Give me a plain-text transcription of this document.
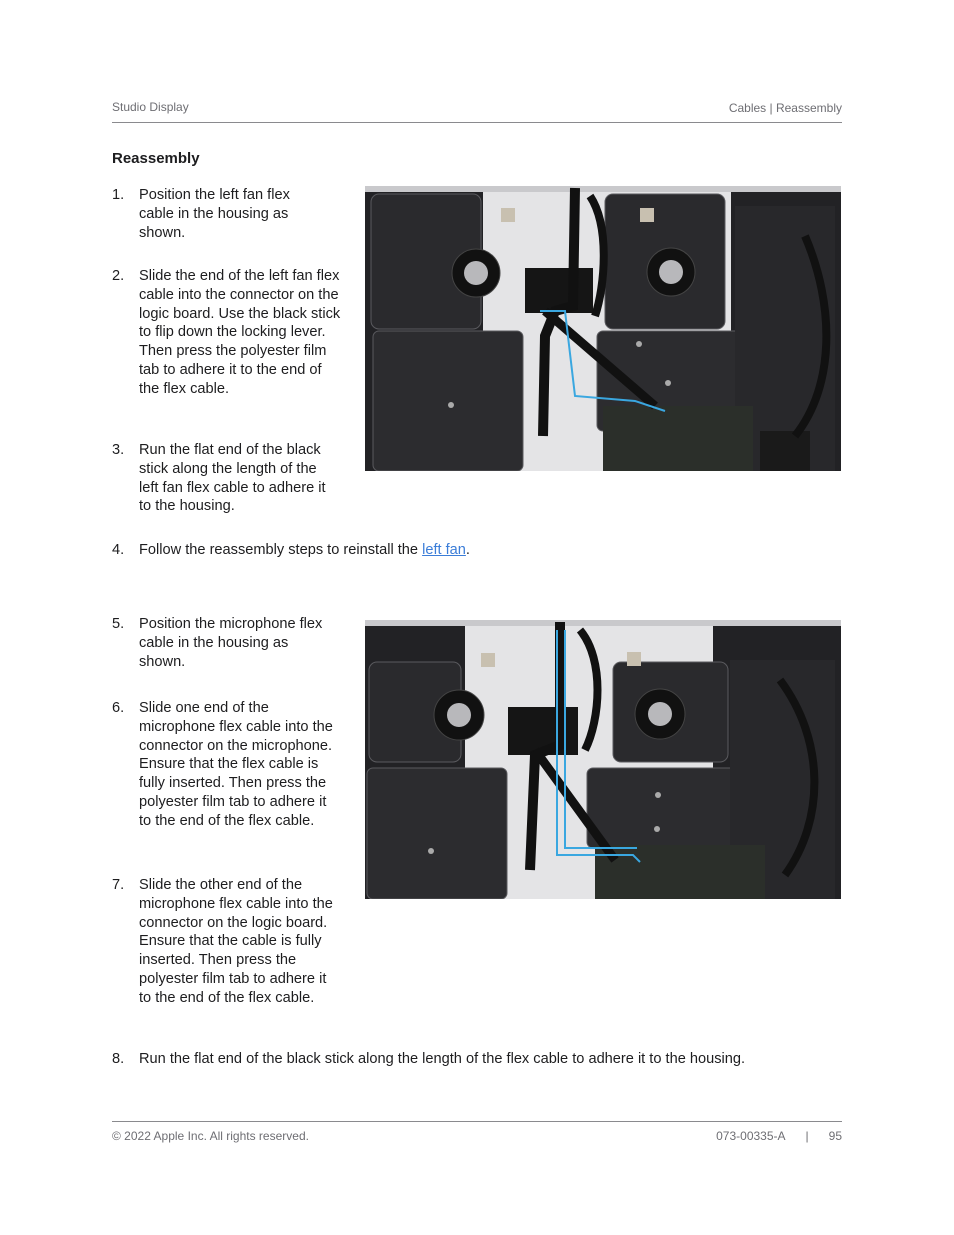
Studio Display	Cables | Reassembly
Reassembly
1. Position the left fan flex cable in the housing as shown.
2. Slide the end of the left fan flex cable into the connector on the logic board. Use the black stick to flip down the locking lever. Then press the polyester film tab to adhere it to the end of the flex cable.
3. Run the flat end of the black stick along the length of the left fan flex cable to adhere it to the housing.
4. Follow the reassembly steps to reinstall the left fan.
5. Position the microphone flex cable in the housing as shown.
6. Slide one end of the microphone flex cable into the connector on the microphone. Ensure that the flex cable is fully inserted. Then press the polyester film tab to adhere it to the end of the flex cable.
7. Slide the other end of the microphone flex cable into the connector on the logic board. Ensure that the cable is fully inserted. Then press the polyester film tab to adhere it to the end of the flex cable.
8. Run the flat end of the black stick along the length of the flex cable to adhere it to the housing.
© 2022 Apple Inc. All rights reserved.	073-00335-A | 95
